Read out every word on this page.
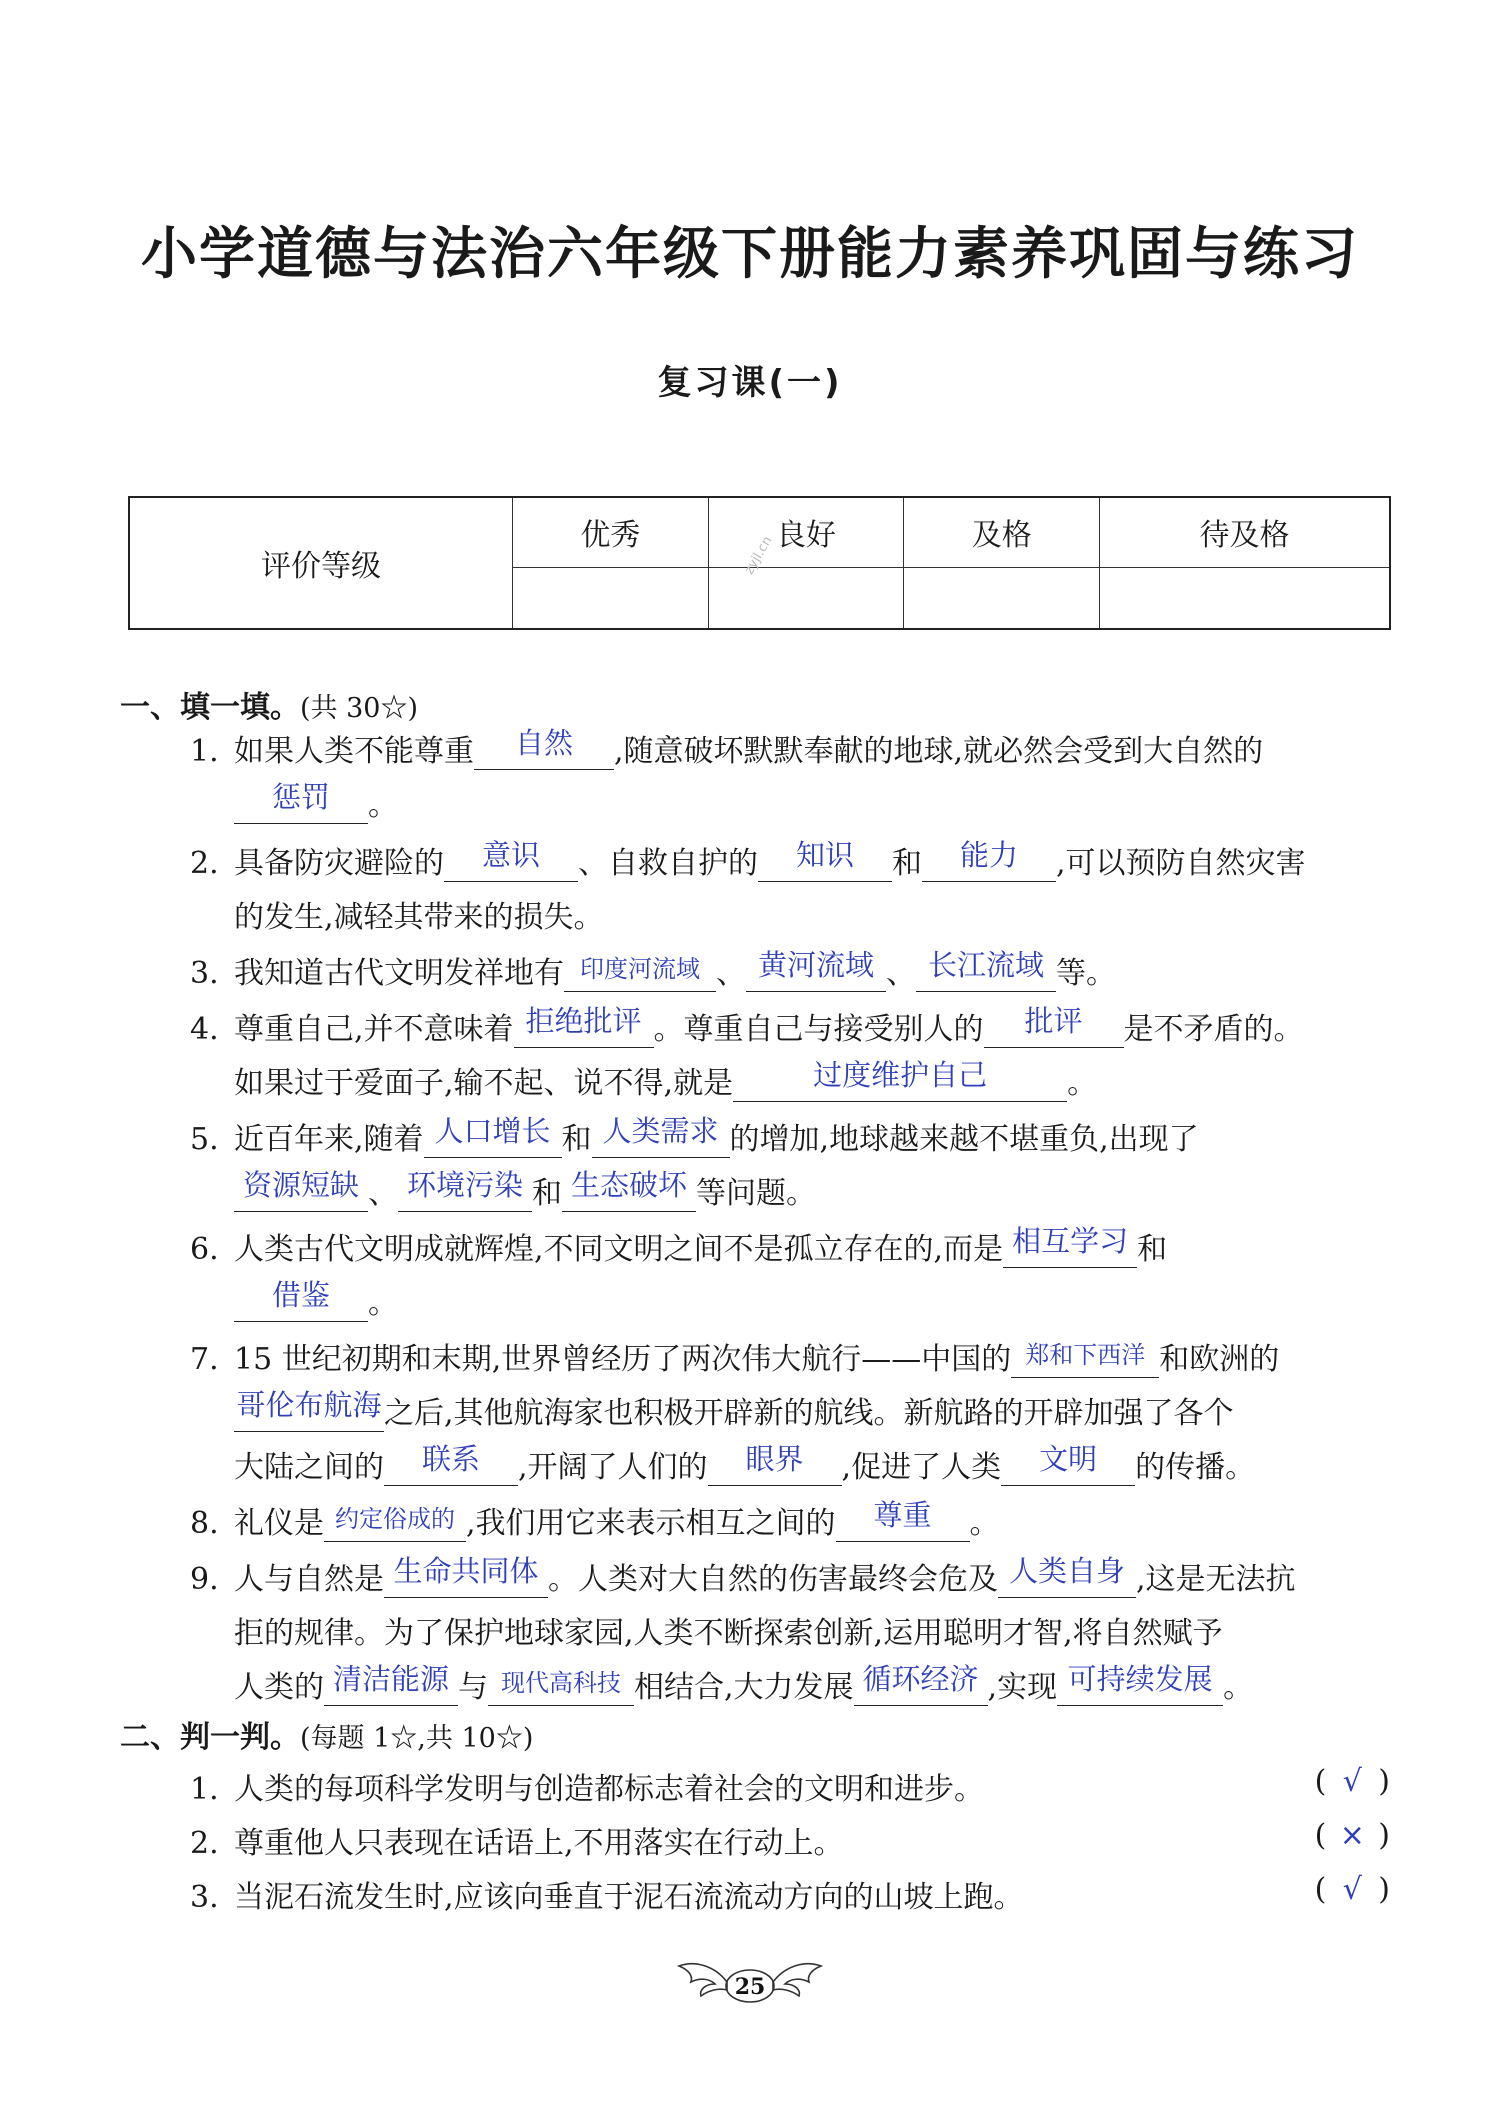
小学道德与法治六年级下册能力素养巩固与练习
复习课(一)
评价等级	优秀	良好	及格	待及格

zyjl.cn
一、填一填。(共 30☆)
1. 如果人类不能尊重	自然	,随意破坏默默奉献的地球,就必然会受到大自然的
惩罚	。
2. 具备防灾避险的	意识	、自救自护的	知识	和	能力	,可以预防自然灾害
的发生,减轻其带来的损失。
3. 我知道古代文明发祥地有 印度河流域 、 黄河流域 、 长江流域 等。
4. 尊重自己,并不意味着 拒绝批评 。尊重自己与接受别人的	批评	是不矛盾的。
如果过于爱面子,输不起、说不得,就是	过度维护自己	。
5. 近百年来,随着 人口增长 和 人类需求 的增加,地球越来越不堪重负,出现了
资源短缺 、 环境污染 和 生态破坏 等问题。
6. 人类古代文明成就辉煌,不同文明之间不是孤立存在的,而是 相互学习 和
借鉴	。
7. 15 世纪初期和末期,世界曾经历了两次伟大航行——中国的 郑和下西洋 和欧洲的
哥伦布航海 之后,其他航海家也积极开辟新的航线。新航路的开辟加强了各个
大陆之间的	联系	,开阔了人们的	眼界	,促进了人类	文明	的传播。
8. 礼仪是 约定俗成的 ,我们用它来表示相互之间的	尊重	。
9. 人与自然是 生命共同体 。人类对大自然的伤害最终会危及 人类自身 ,这是无法抗
拒的规律。为了保护地球家园,人类不断探索创新,运用聪明才智,将自然赋予
人类的 清洁能源 与 现代高科技 相结合,大力发展 循环经济 ,实现 可持续发展 。
二、判一判。(每题 1☆,共 10☆)
1. 人类的每项科学发明与创造都标志着社会的文明和进步。	( √ )
2. 尊重他人只表现在话语上,不用落实在行动上。	( × )
3. 当泥石流发生时,应该向垂直于泥石流流动方向的山坡上跑。	( √ )
25
